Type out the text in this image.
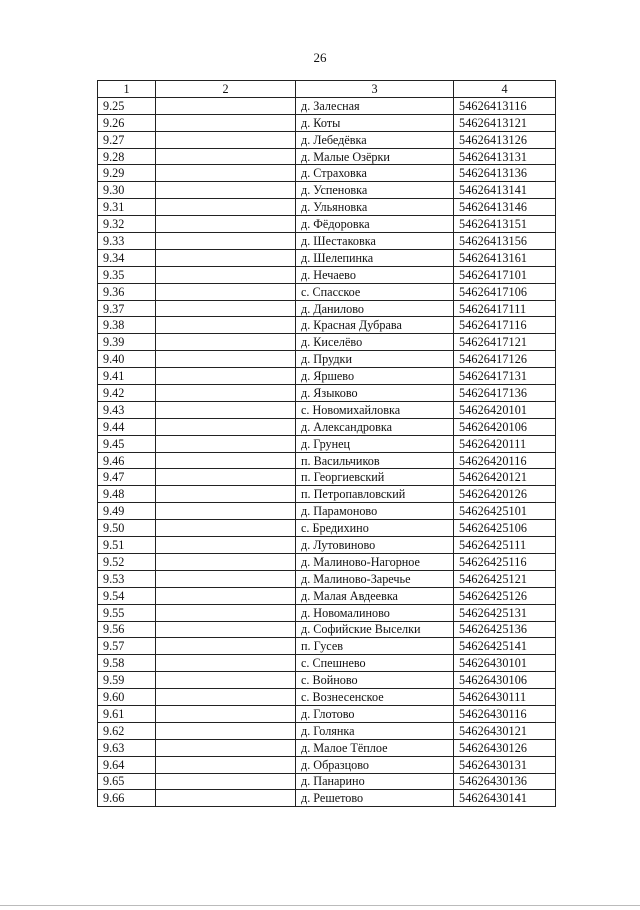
26
1	2	3	4
9.25		д. Залесная	54626413116
9.26		д. Коты	54626413121
9.27		д. Лебедёвка	54626413126
9.28		д. Малые Озёрки	54626413131
9.29		д. Страховка	54626413136
9.30		д. Успеновка	54626413141
9.31		д. Ульяновка	54626413146
9.32		д. Фёдоровка	54626413151
9.33		д. Шестаковка	54626413156
9.34		д. Шелепинка	54626413161
9.35		д. Нечаево	54626417101
9.36		с. Спасское	54626417106
9.37		д. Данилово	54626417111
9.38		д. Красная Дубрава	54626417116
9.39		д. Киселёво	54626417121
9.40		д. Прудки	54626417126
9.41		д. Яршево	54626417131
9.42		д. Языково	54626417136
9.43		с. Новомихайловка	54626420101
9.44		д. Александровка	54626420106
9.45		д. Грунец	54626420111
9.46		п. Васильчиков	54626420116
9.47		п. Георгиевский	54626420121
9.48		п. Петропавловский	54626420126
9.49		д. Парамоново	54626425101
9.50		с. Бредихино	54626425106
9.51		д. Лутовиново	54626425111
9.52		д. Малиново-Нагорное	54626425116
9.53		д. Малиново-Заречье	54626425121
9.54		д. Малая Авдеевка	54626425126
9.55		д. Новомалиново	54626425131
9.56		д. Софийские Выселки	54626425136
9.57		п. Гусев	54626425141
9.58		с. Спешнево	54626430101
9.59		с. Войново	54626430106
9.60		с. Вознесенское	54626430111
9.61		д. Глотово	54626430116
9.62		д. Голянка	54626430121
9.63		д. Малое Тёплое	54626430126
9.64		д. Образцово	54626430131
9.65		д. Панарино	54626430136
9.66		д. Решетово	54626430141
